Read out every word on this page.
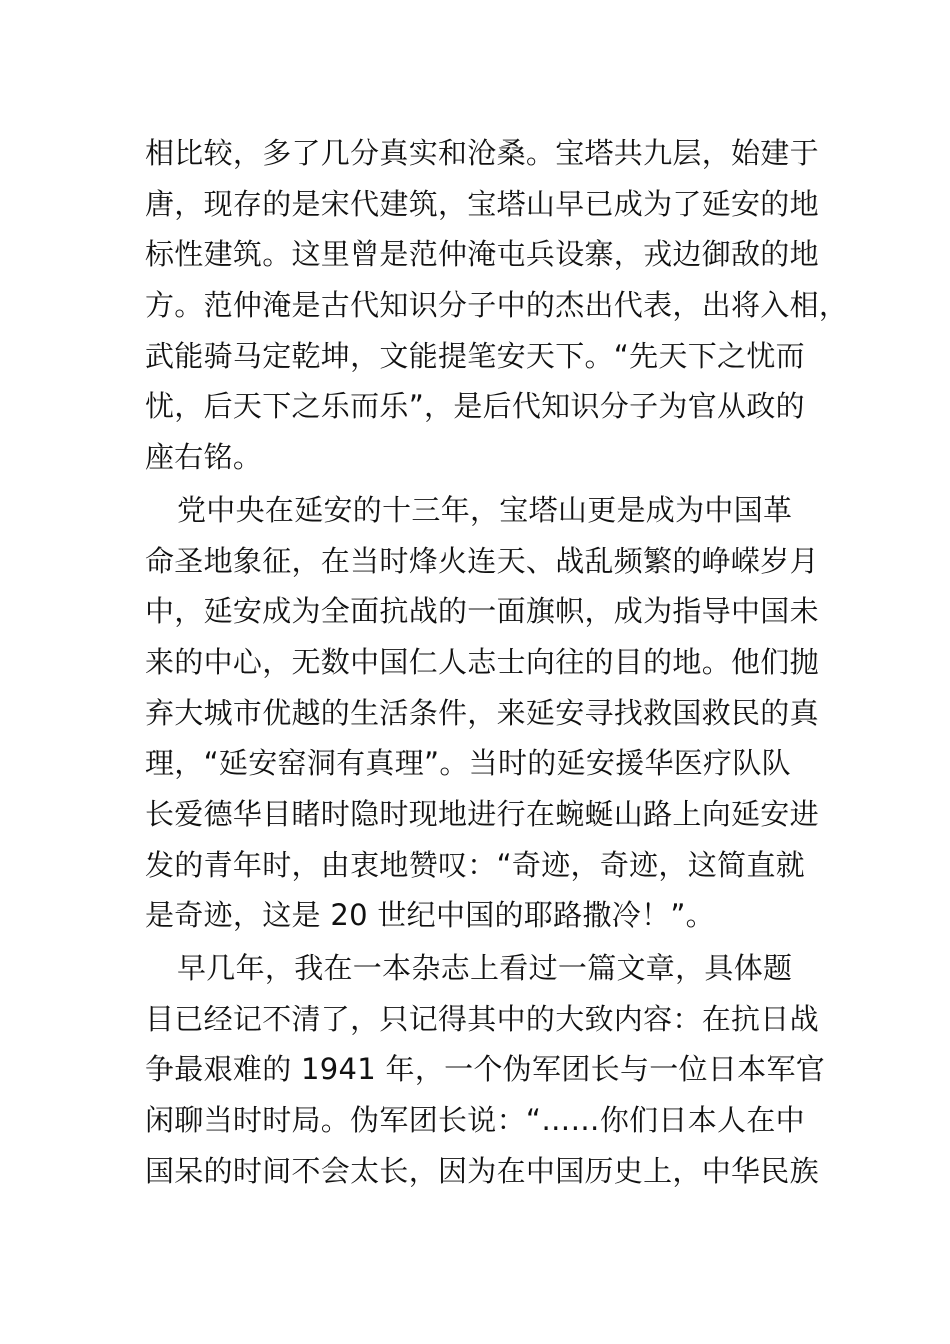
相比较，多了几分真实和沧桑。宝塔共九层，始建于
唐，现存的是宋代建筑，宝塔山早已成为了延安的地
标性建筑。这里曾是范仲淹屯兵设寨，戎边御敌的地
方。范仲淹是古代知识分子中的杰出代表，出将入相，
武能骑马定乾坤，文能提笔安天下。“先天下之忧而
忧，后天下之乐而乐”，是后代知识分子为官从政的
座右铭。
党中央在延安的十三年，宝塔山更是成为中国革
命圣地象征，在当时烽火连天、战乱频繁的峥嵘岁月
中，延安成为全面抗战的一面旗帜，成为指导中国未
来的中心，无数中国仁人志士向往的目的地。他们抛
弃大城市优越的生活条件，来延安寻找救国救民的真
理，“延安窑洞有真理”。当时的延安援华医疗队队
长爱德华目睹时隐时现地进行在蜿蜒山路上向延安进
发的青年时，由衷地赞叹：“奇迹，奇迹，这简直就
是奇迹，这是 20 世纪中国的耶路撒冷！”。
早几年，我在一本杂志上看过一篇文章，具体题
目已经记不清了，只记得其中的大致内容：在抗日战
争最艰难的 1941 年，一个伪军团长与一位日本军官
闲聊当时时局。伪军团长说：“……你们日本人在中
国呆的时间不会太长，因为在中国历史上，中华民族
